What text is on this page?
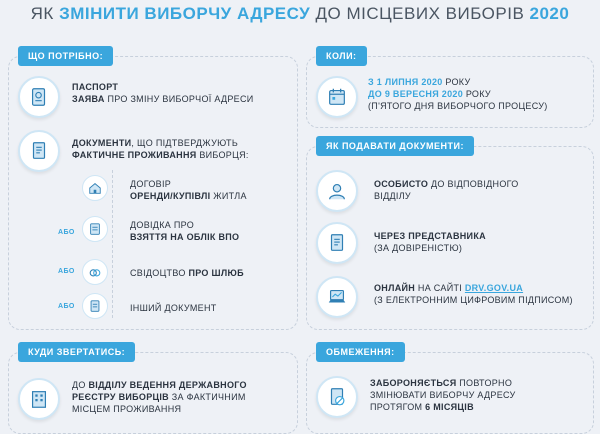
ЯК ЗМІНИТИ ВИБОРЧУ АДРЕСУ ДО МІСЦЕВИХ ВИБОРІВ 2020
ЩО ПОТРІБНО:
ПАСПОРТ
ЗАЯВА ПРО ЗМІНУ ВИБОРЧОЇ АДРЕСИ
ДОКУМЕНТИ, ЩО ПІДТВЕРДЖУЮТЬ
ФАКТИЧНЕ ПРОЖИВАННЯ ВИБОРЦЯ:
ДОГОВІР
ОРЕНДИ/КУПІВЛІ ЖИТЛА
АБО
ДОВІДКА ПРО
ВЗЯТТЯ НА ОБЛІК ВПО
АБО	СВІДОЦТВО ПРО ШЛЮБ
АБО	ІНШИЙ ДОКУМЕНТ
КОЛИ:
З 1 ЛИПНЯ 2020 РОКУ
ДО 9 ВЕРЕСНЯ 2020 РОКУ
(П'ЯТОГО ДНЯ ВИБОРЧОГО ПРОЦЕСУ)
ЯК ПОДАВАТИ ДОКУМЕНТИ:
ОСОБИСТО ДО ВІДПОВІДНОГО
ВІДДІЛУ
ЧЕРЕЗ ПРЕДСТАВНИКА
(ЗА ДОВІРЕНІСТЮ)
ОНЛАЙН НА САЙТІ DRV.GOV.UA
(З ЕЛЕКТРОННИМ ЦИФРОВИМ ПІДПИСОМ)
КУДИ ЗВЕРТАТИСЬ:
ДО ВІДДІЛУ ВЕДЕННЯ ДЕРЖАВНОГО
РЕЄСТРУ ВИБОРЦІВ ЗА ФАКТИЧНИМ
МІСЦЕМ ПРОЖИВАННЯ
ОБМЕЖЕННЯ:
ЗАБОРОНЯЄТЬСЯ ПОВТОРНО
ЗМІНЮВАТИ ВИБОРЧУ АДРЕСУ
ПРОТЯГОМ 6 МІСЯЦІВ
